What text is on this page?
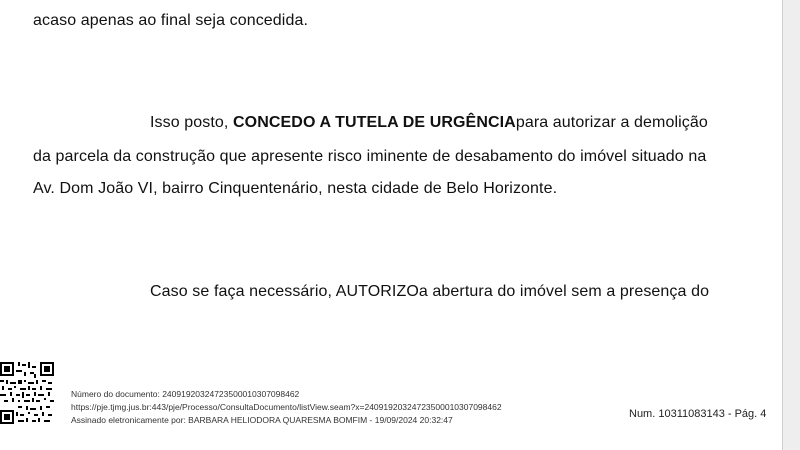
acaso apenas ao final seja concedida.
Isso posto, CONCEDO A TUTELA DE URGÊNCIApara autorizar a demolição
da parcela da construção que apresente risco iminente de desabamento do imóvel situado na
Av. Dom João VI, bairro Cinquentenário, nesta cidade de Belo Horizonte.
Caso se faça necessário, AUTORIZOa abertura do imóvel sem a presença do
Número do documento: 24091920324723500010307098462
https://pje.tjmg.jus.br:443/pje/Processo/ConsultaDocumento/listView.seam?x=24091920324723500010307098462
Assinado eletronicamente por: BARBARA HELIODORA QUARESMA BOMFIM - 19/09/2024 20:32:47	Num. 10311083143 - Pág. 4
